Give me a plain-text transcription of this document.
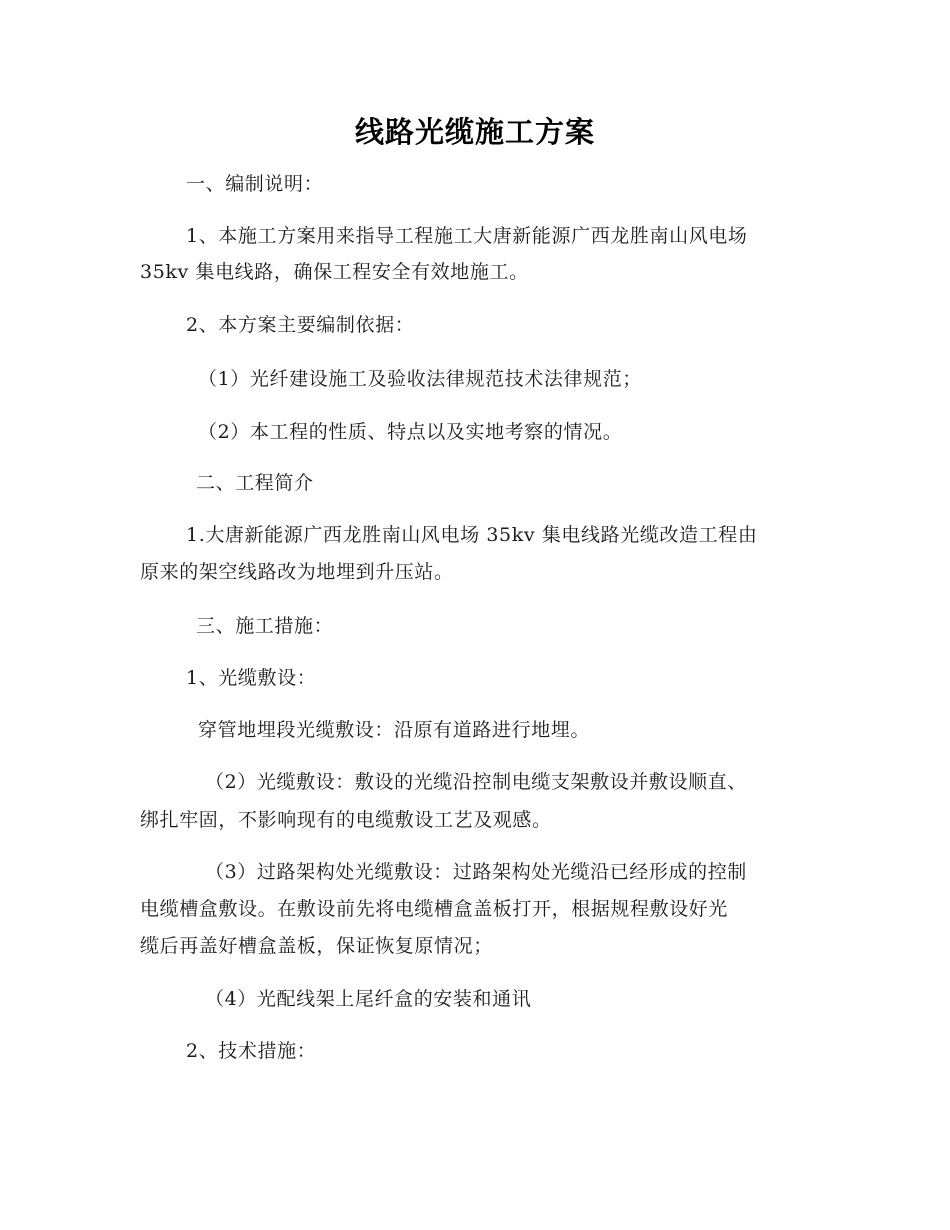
线路光缆施工方案
一、编制说明：
1、本施工方案用来指导工程施工大唐新能源广西龙胜南山风电场
35kv 集电线路，确保工程安全有效地施工。
2、本方案主要编制依据：
（1）光纤建设施工及验收法律规范技术法律规范；
（2）本工程的性质、特点以及实地考察的情况。
二、工程简介
1.大唐新能源广西龙胜南山风电场 35kv 集电线路光缆改造工程由
原来的架空线路改为地埋到升压站。
三、施工措施：
1、光缆敷设：
穿管地埋段光缆敷设：沿原有道路进行地埋。
（2）光缆敷设：敷设的光缆沿控制电缆支架敷设并敷设顺直、
绑扎牢固，不影响现有的电缆敷设工艺及观感。
（3）过路架构处光缆敷设：过路架构处光缆沿已经形成的控制
电缆槽盒敷设。在敷设前先将电缆槽盒盖板打开，根据规程敷设好光
缆后再盖好槽盒盖板，保证恢复原情况；
（4）光配线架上尾纤盒的安装和通讯
2、技术措施：
